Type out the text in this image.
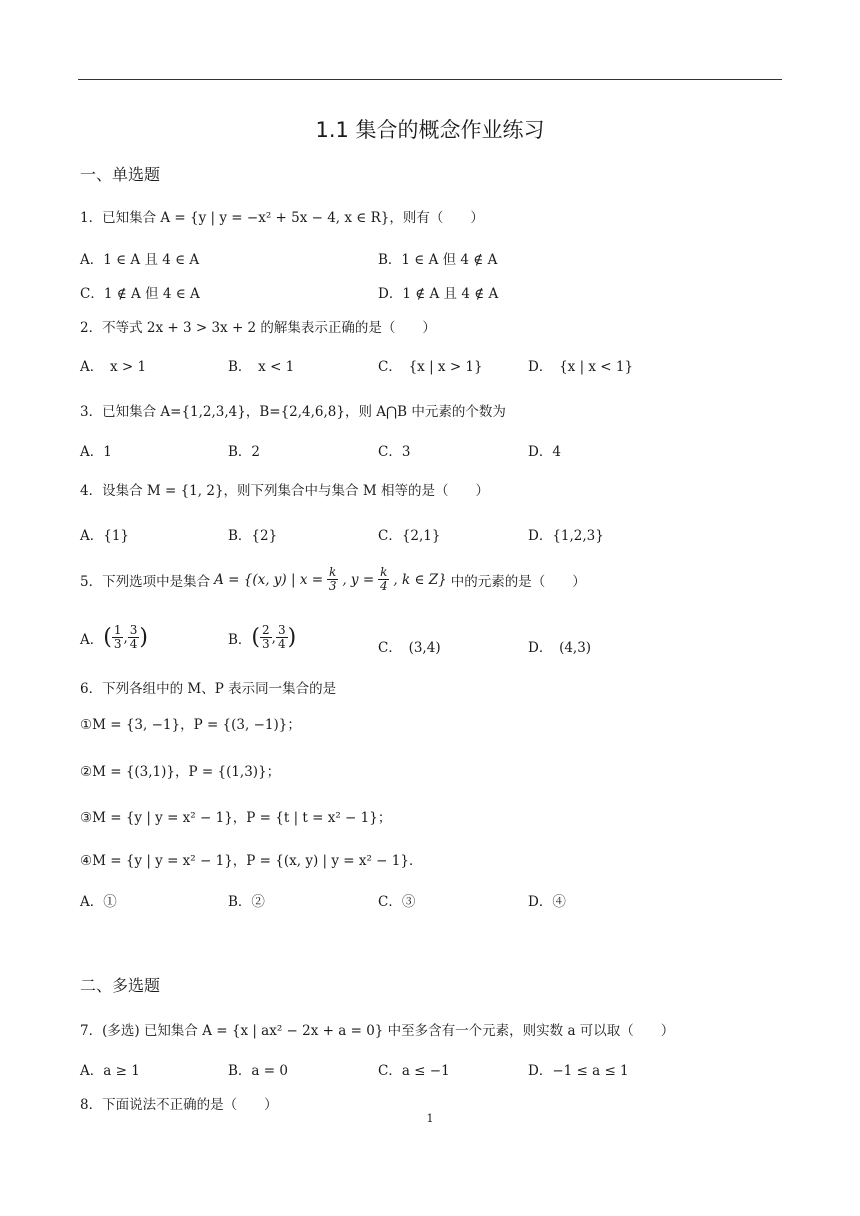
1.1 集合的概念作业练习
一、单选题
1．已知集合 A = {y | y = −x² + 5x − 4, x ∈ R}，则有（　　）
A．1 ∈ A 且 4 ∈ A	B．1 ∈ A 但 4 ∉ A
C．1 ∉ A 但 4 ∈ A	D．1 ∉ A 且 4 ∉ A
2．不等式 2x + 3 > 3x + 2 的解集表示正确的是（　　）
A．　x > 1	B．　x < 1	C．　{x | x > 1}	D．　{x | x < 1}
3．已知集合 A={1,2,3,4}，B={2,4,6,8}，则 A⋂B 中元素的个数为
A．1	B．2	C．3	D．4
4．设集合 M = {1, 2}，则下列集合中与集合 M 相等的是（　　）
A．{1}	B．{2}	C．{2,1}	D．{1,2,3}
5．下列选项中是集合 A = {(x, y) | $x = \frac{k}{3}$ , $y = \frac{k}{4}$ , k ∈ Z} 中的元素的是（　　）
A． ( $\frac{1}{3}$ , $\frac{3}{4}$ )	B． ( $\frac{2}{3}$ , $\frac{3}{4}$ )	C．　(3,4)	D．　(4,3)
6．下列各组中的 M、P 表示同一集合的是
①M = {3, −1}，P = {(3, −1)}；
②M = {(3,1)}，P = {(1,3)}；
③M = {y | y = x² − 1}，P = {t | t = x² − 1}；
④M = {y | y = x² − 1}，P = {(x, y) | y = x² − 1}．
A．①	B．②	C．③	D．④
二、多选题
7．(多选) 已知集合 A = {x | ax² − 2x + a = 0} 中至多含有一个元素，则实数 a 可以取（　　）
A．a ≥ 1	B．a = 0	C．a ≤ −1	D．−1 ≤ a ≤ 1
8．下面说法不正确的是（　　）
1
